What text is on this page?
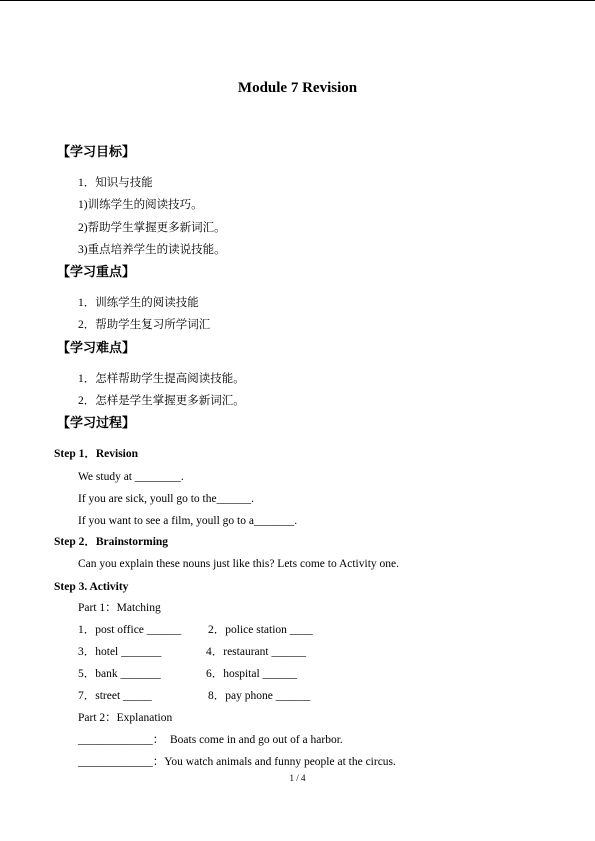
Module 7 Revision
【学习目标】
1．知识与技能
1)训练学生的阅读技巧。
2)帮助学生掌握更多新词汇。
3)重点培养学生的读说技能。
【学习重点】
1．训练学生的阅读技能
2．帮助学生复习所学词汇
【学习难点】
1．怎样帮助学生提高阅读技能。
2．怎样是学生掌握更多新词汇。
【学习过程】
Step 1．Revision
We study at ________.
If you are sick, youll go to the______.
If you want to see a film, youll go to a_______.
Step 2．Brainstorming
Can you explain these nouns just like this? Lets come to Activity one.
Step 3. Activity
Part 1：Matching
1．post office ______ 2．police station ____
3．hotel _______	4．restaurant ______
5．bank _______	6．hospital ______
7．street _____	8．pay phone ______
Part 2：Explanation
_____________：  Boats come in and go out of a harbor.
_____________：You watch animals and funny people at the circus.
1 / 4
